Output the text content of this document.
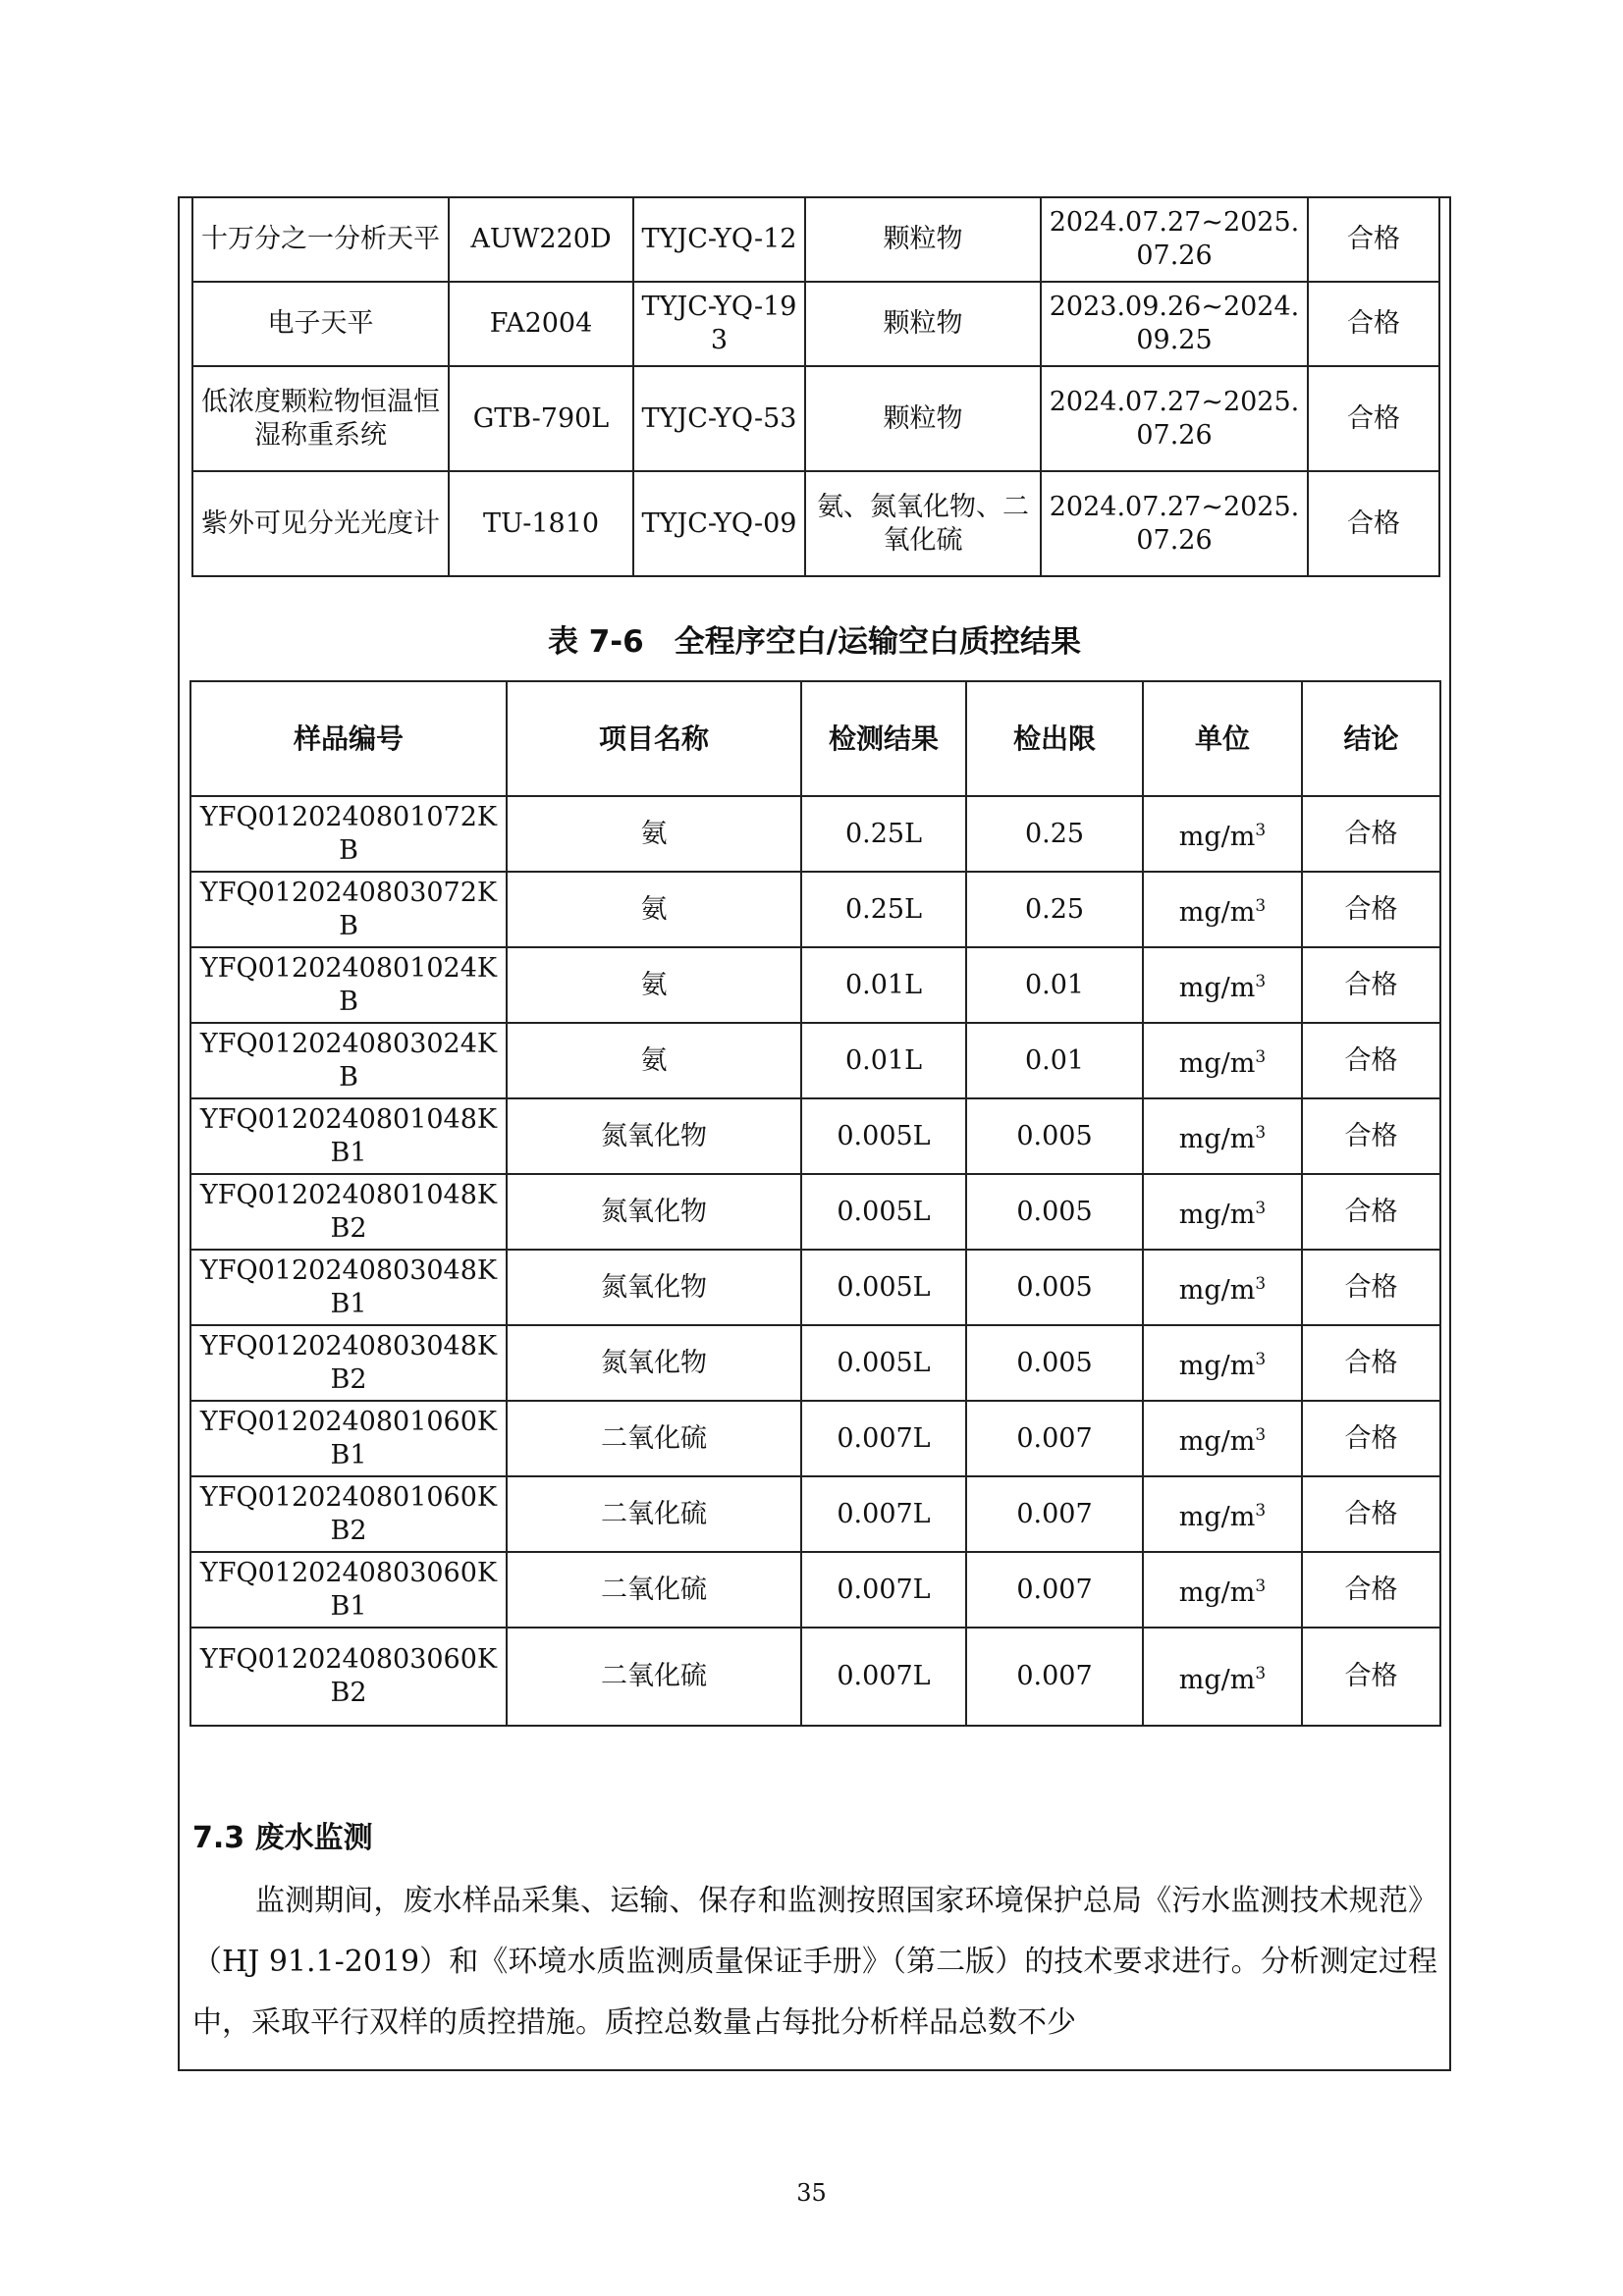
十万分之一分析天平	AUW220D	TYJC-YQ-12	颗粒物	2024.07.27~2025.07.26	合格
电子天平	FA2004	TYJC-YQ-193	颗粒物	2023.09.26~2024.09.25	合格
低浓度颗粒物恒温恒湿称重系统	GTB-790L	TYJC-YQ-53	颗粒物	2024.07.27~2025.07.26	合格
紫外可见分光光度计	TU-1810	TYJC-YQ-09	氨、氮氧化物、二氧化硫	2024.07.27~2025.07.26	合格
表 7-6　全程序空白/运输空白质控结果
样品编号	项目名称	检测结果	检出限	单位	结论
YFQ0120240801072KB	氨	0.25L	0.25	$mg/m^3$	合格
YFQ0120240803072KB	氨	0.25L	0.25	$mg/m^3$	合格
YFQ0120240801024KB	氨	0.01L	0.01	$mg/m^3$	合格
YFQ0120240803024KB	氨	0.01L	0.01	$mg/m^3$	合格
YFQ0120240801048KB1	氮氧化物	0.005L	0.005	$mg/m^3$	合格
YFQ0120240801048KB2	氮氧化物	0.005L	0.005	$mg/m^3$	合格
YFQ0120240803048KB1	氮氧化物	0.005L	0.005	$mg/m^3$	合格
YFQ0120240803048KB2	氮氧化物	0.005L	0.005	$mg/m^3$	合格
YFQ0120240801060KB1	二氧化硫	0.007L	0.007	$mg/m^3$	合格
YFQ0120240801060KB2	二氧化硫	0.007L	0.007	$mg/m^3$	合格
YFQ0120240803060KB1	二氧化硫	0.007L	0.007	$mg/m^3$	合格
YFQ0120240803060KB2	二氧化硫	0.007L	0.007	$mg/m^3$	合格
7.3 废水监测

监测期间，废水样品采集、运输、保存和监测按照国家环境保护总局《污水监测技术规范》（HJ 91.1-2019）和《环境水质监测质量保证手册》（第二版）的技术要求进行。分析测定过程中，采取平行双样的质控措施。质控总数量占每批分析样品总数不少

35
